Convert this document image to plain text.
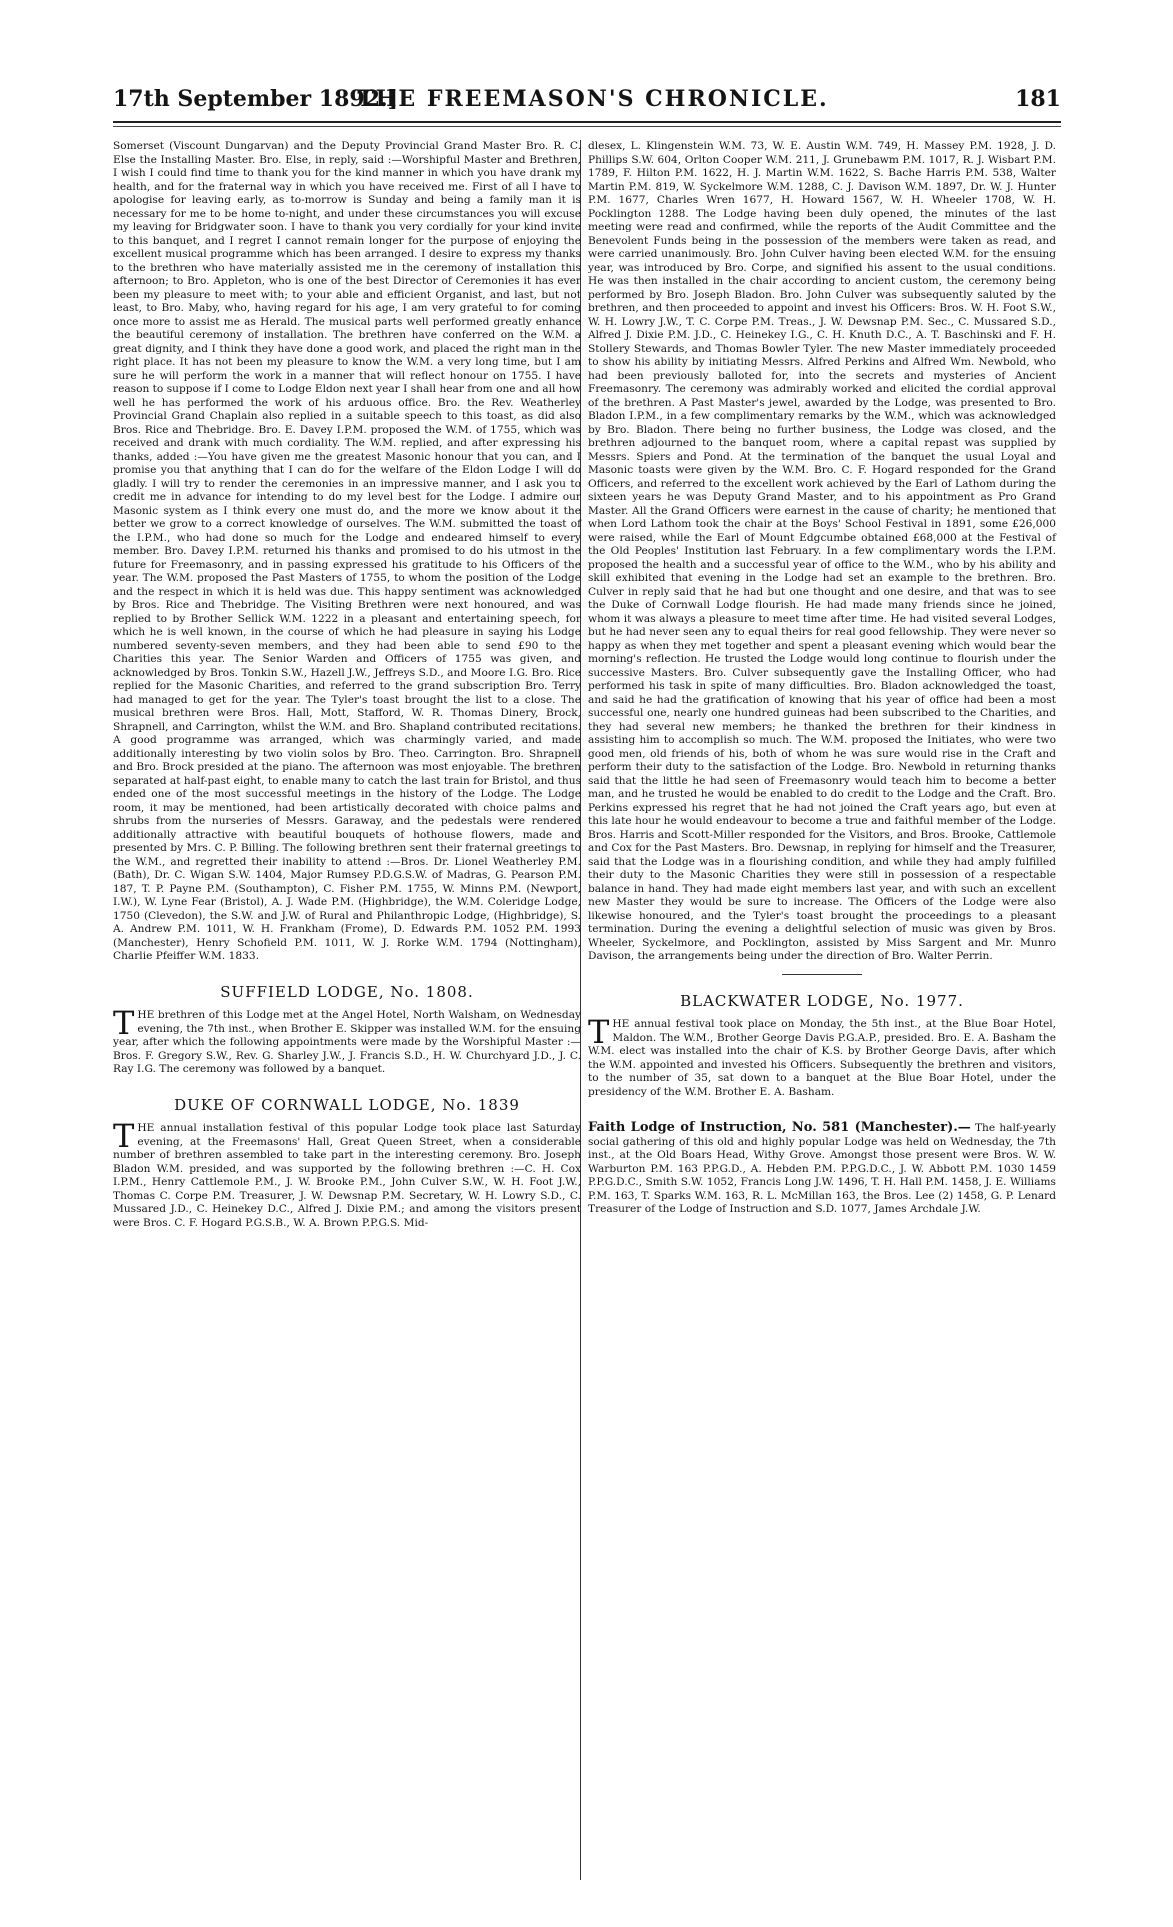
17th September 1892.]
THE FREEMASON'S CHRONICLE.	181

Somerset (Viscount Dungarvan) and the Deputy Provincial Grand Master Bro. R. C. Else the Installing Master. Bro. Else, in reply, said :—Worshipful Master and Brethren, I wish I could find time to thank you for the kind manner in which you have drank my health, and for the fraternal way in which you have received me. First of all I have to apologise for leaving early, as to-morrow is Sunday and being a family man it is necessary for me to be home to-night, and under these circumstances you will excuse my leaving for Bridgwater soon. I have to thank you very cordially for your kind invite to this banquet, and I regret I cannot remain longer for the purpose of enjoying the excellent musical programme which has been arranged. I desire to express my thanks to the brethren who have materially assisted me in the ceremony of installation this afternoon; to Bro. Appleton, who is one of the best Director of Ceremonies it has ever been my pleasure to meet with; to your able and efficient Organist, and last, but not least, to Bro. Maby, who, having regard for his age, I am very grateful to for coming once more to assist me as Herald. The musical parts well performed greatly enhance the beautiful ceremony of installation. The brethren have conferred on the W.M. a great dignity, and I think they have done a good work, and placed the right man in the right place. It has not been my pleasure to know the W.M. a very long time, but I am sure he will perform the work in a manner that will reflect honour on 1755. I have reason to suppose if I come to Lodge Eldon next year I shall hear from one and all how well he has performed the work of his arduous office. Bro. the Rev. Weatherley Provincial Grand Chaplain also replied in a suitable speech to this toast, as did also Bros. Rice and Thebridge. Bro. E. Davey I.P.M. proposed the W.M. of 1755, which was received and drank with much cordiality. The W.M. replied, and after expressing his thanks, added :—You have given me the greatest Masonic honour that you can, and I promise you that anything that I can do for the welfare of the Eldon Lodge I will do gladly. I will try to render the ceremonies in an impressive manner, and I ask you to credit me in advance for intending to do my level best for the Lodge. I admire our Masonic system as I think every one must do, and the more we know about it the better we grow to a correct knowledge of ourselves. The W.M. submitted the toast of the I.P.M., who had done so much for the Lodge and endeared himself to every member. Bro. Davey I.P.M. returned his thanks and promised to do his utmost in the future for Freemasonry, and in passing expressed his gratitude to his Officers of the year. The W.M. proposed the Past Masters of 1755, to whom the position of the Lodge and the respect in which it is held was due. This happy sentiment was acknowledged by Bros. Rice and Thebridge. The Visiting Brethren were next honoured, and was replied to by Brother Sellick W.M. 1222 in a pleasant and entertaining speech, for which he is well known, in the course of which he had pleasure in saying his Lodge numbered seventy-seven members, and they had been able to send £90 to the Charities this year. The Senior Warden and Officers of 1755 was given, and acknowledged by Bros. Tonkin S.W., Hazell J.W., Jeffreys S.D., and Moore I.G. Bro. Rice replied for the Masonic Charities, and referred to the grand subscription Bro. Terry had managed to get for the year. The Tyler's toast brought the list to a close. The musical brethren were Bros. Hall, Mott, Stafford, W. R. Thomas Dinery, Brock, Shrapnell, and Carrington, whilst the W.M. and Bro. Shapland contributed recitations. A good programme was arranged, which was charmingly varied, and made additionally interesting by two violin solos by Bro. Theo. Carrington. Bro. Shrapnell and Bro. Brock presided at the piano. The afternoon was most enjoyable. The brethren separated at half-past eight, to enable many to catch the last train for Bristol, and thus ended one of the most successful meetings in the history of the Lodge. The Lodge room, it may be mentioned, had been artistically decorated with choice palms and shrubs from the nurseries of Messrs. Garaway, and the pedestals were rendered additionally attractive with beautiful bouquets of hothouse flowers, made and presented by Mrs. C. P. Billing. The following brethren sent their fraternal greetings to the W.M., and regretted their inability to attend :—Bros. Dr. Lionel Weatherley P.M. (Bath), Dr. C. Wigan S.W. 1404, Major Rumsey P.D.G.S.W. of Madras, G. Pearson P.M. 187, T. P. Payne P.M. (Southampton), C. Fisher P.M. 1755, W. Minns P.M. (Newport, I.W.), W. Lyne Fear (Bristol), A. J. Wade P.M. (Highbridge), the W.M. Coleridge Lodge, 1750 (Clevedon), the S.W. and J.W. of Rural and Philanthropic Lodge, (Highbridge), S. A. Andrew P.M. 1011, W. H. Frankham (Frome), D. Edwards P.M. 1052 P.M. 1993 (Manchester), Henry Schofield P.M. 1011, W. J. Rorke W.M. 1794 (Nottingham), Charlie Pfeiffer W.M. 1833.

SUFFIELD LODGE, No. 1808.

THE brethren of this Lodge met at the Angel Hotel, North Walsham, on Wednesday evening, the 7th inst., when Brother E. Skipper was installed W.M. for the ensuing year, after which the following appointments were made by the Worshipful Master :—Bros. F. Gregory S.W., Rev. G. Sharley J.W., J. Francis S.D., H. W. Churchyard J.D., J. C. Ray I.G. The ceremony was followed by a banquet.

DUKE OF CORNWALL LODGE, No. 1839

THE annual installation festival of this popular Lodge took place last Saturday evening, at the Freemasons' Hall, Great Queen Street, when a considerable number of brethren assembled to take part in the interesting ceremony. Bro. Joseph Bladon W.M. presided, and was supported by the following brethren :—C. H. Cox I.P.M., Henry Cattlemole P.M., J. W. Brooke P.M., John Culver S.W., W. H. Foot J.W., Thomas C. Corpe P.M. Treasurer, J. W. Dewsnap P.M. Secretary, W. H. Lowry S.D., C. Mussared J.D., C. Heinekey D.C., Alfred J. Dixie P.M.; and among the visitors present were Bros. C. F. Hogard P.G.S.B., W. A. Brown P.P.G.S. Mid-

dlesex, L. Klingenstein W.M. 73, W. E. Austin W.M. 749, H. Massey P.M. 1928, J. D. Phillips S.W. 604, Orlton Cooper W.M. 211, J. Grunebawm P.M. 1017, R. J. Wisbart P.M. 1789, F. Hilton P.M. 1622, H. J. Martin W.M. 1622, S. Bache Harris P.M. 538, Walter Martin P.M. 819, W. Syckelmore W.M. 1288, C. J. Davison W.M. 1897, Dr. W. J. Hunter P.M. 1677, Charles Wren 1677, H. Howard 1567, W. H. Wheeler 1708, W. H. Pocklington 1288. The Lodge having been duly opened, the minutes of the last meeting were read and confirmed, while the reports of the Audit Committee and the Benevolent Funds being in the possession of the members were taken as read, and were carried unanimously. Bro. John Culver having been elected W.M. for the ensuing year, was introduced by Bro. Corpe, and signified his assent to the usual conditions. He was then installed in the chair according to ancient custom, the ceremony being performed by Bro. Joseph Bladon. Bro. John Culver was subsequently saluted by the brethren, and then proceeded to appoint and invest his Officers: Bros. W. H. Foot S.W., W. H. Lowry J.W., T. C. Corpe P.M. Treas., J. W. Dewsnap P.M. Sec., C. Mussared S.D., Alfred J. Dixie P.M. J.D., C. Heinekey I.G., C. H. Knuth D.C., A. T. Baschinski and F. H. Stollery Stewards, and Thomas Bowler Tyler. The new Master immediately proceeded to show his ability by initiating Messrs. Alfred Perkins and Alfred Wm. Newbold, who had been previously balloted for, into the secrets and mysteries of Ancient Freemasonry. The ceremony was admirably worked and elicited the cordial approval of the brethren. A Past Master's jewel, awarded by the Lodge, was presented to Bro. Bladon I.P.M., in a few complimentary remarks by the W.M., which was acknowledged by Bro. Bladon. There being no further business, the Lodge was closed, and the brethren adjourned to the banquet room, where a capital repast was supplied by Messrs. Spiers and Pond. At the termination of the banquet the usual Loyal and Masonic toasts were given by the W.M. Bro. C. F. Hogard responded for the Grand Officers, and referred to the excellent work achieved by the Earl of Lathom during the sixteen years he was Deputy Grand Master, and to his appointment as Pro Grand Master. All the Grand Officers were earnest in the cause of charity; he mentioned that when Lord Lathom took the chair at the Boys' School Festival in 1891, some £26,000 were raised, while the Earl of Mount Edgcumbe obtained £68,000 at the Festival of the Old Peoples' Institution last February. In a few complimentary words the I.P.M. proposed the health and a successful year of office to the W.M., who by his ability and skill exhibited that evening in the Lodge had set an example to the brethren. Bro. Culver in reply said that he had but one thought and one desire, and that was to see the Duke of Cornwall Lodge flourish. He had made many friends since he joined, whom it was always a pleasure to meet time after time. He had visited several Lodges, but he had never seen any to equal theirs for real good fellowship. They were never so happy as when they met together and spent a pleasant evening which would bear the morning's reflection. He trusted the Lodge would long continue to flourish under the successive Masters. Bro. Culver subsequently gave the Installing Officer, who had performed his task in spite of many difficulties. Bro. Bladon acknowledged the toast, and said he had the gratification of knowing that his year of office had been a most successful one, nearly one hundred guineas had been subscribed to the Charities, and they had several new members; he thanked the brethren for their kindness in assisting him to accomplish so much. The W.M. proposed the Initiates, who were two good men, old friends of his, both of whom he was sure would rise in the Craft and perform their duty to the satisfaction of the Lodge. Bro. Newbold in returning thanks said that the little he had seen of Freemasonry would teach him to become a better man, and he trusted he would be enabled to do credit to the Lodge and the Craft. Bro. Perkins expressed his regret that he had not joined the Craft years ago, but even at this late hour he would endeavour to become a true and faithful member of the Lodge. Bros. Harris and Scott-Miller responded for the Visitors, and Bros. Brooke, Cattlemole and Cox for the Past Masters. Bro. Dewsnap, in replying for himself and the Treasurer, said that the Lodge was in a flourishing condition, and while they had amply fulfilled their duty to the Masonic Charities they were still in possession of a respectable balance in hand. They had made eight members last year, and with such an excellent new Master they would be sure to increase. The Officers of the Lodge were also likewise honoured, and the Tyler's toast brought the proceedings to a pleasant termination. During the evening a delightful selection of music was given by Bros. Wheeler, Syckelmore, and Pocklington, assisted by Miss Sargent and Mr. Munro Davison, the arrangements being under the direction of Bro. Walter Perrin.

BLACKWATER LODGE, No. 1977.

THE annual festival took place on Monday, the 5th inst., at the Blue Boar Hotel, Maldon. The W.M., Brother George Davis P.G.A.P., presided. Bro. E. A. Basham the W.M. elect was installed into the chair of K.S. by Brother George Davis, after which the W.M. appointed and invested his Officers. Subsequently the brethren and visitors, to the number of 35, sat down to a banquet at the Blue Boar Hotel, under the presidency of the W.M. Brother E. A. Basham.

Faith Lodge of Instruction, No. 581 (Manchester).— The half-yearly social gathering of this old and highly popular Lodge was held on Wednesday, the 7th inst., at the Old Boars Head, Withy Grove. Amongst those present were Bros. W. W. Warburton P.M. 163 P.P.G.D., A. Hebden P.M. P.P.G.D.C., J. W. Abbott P.M. 1030 1459 P.P.G.D.C., Smith S.W. 1052, Francis Long J.W. 1496, T. H. Hall P.M. 1458, J. E. Williams P.M. 163, T. Sparks W.M. 163, R. L. McMillan 163, the Bros. Lee (2) 1458, G. P. Lenard Treasurer of the Lodge of Instruction and S.D. 1077, James Archdale J.W.
